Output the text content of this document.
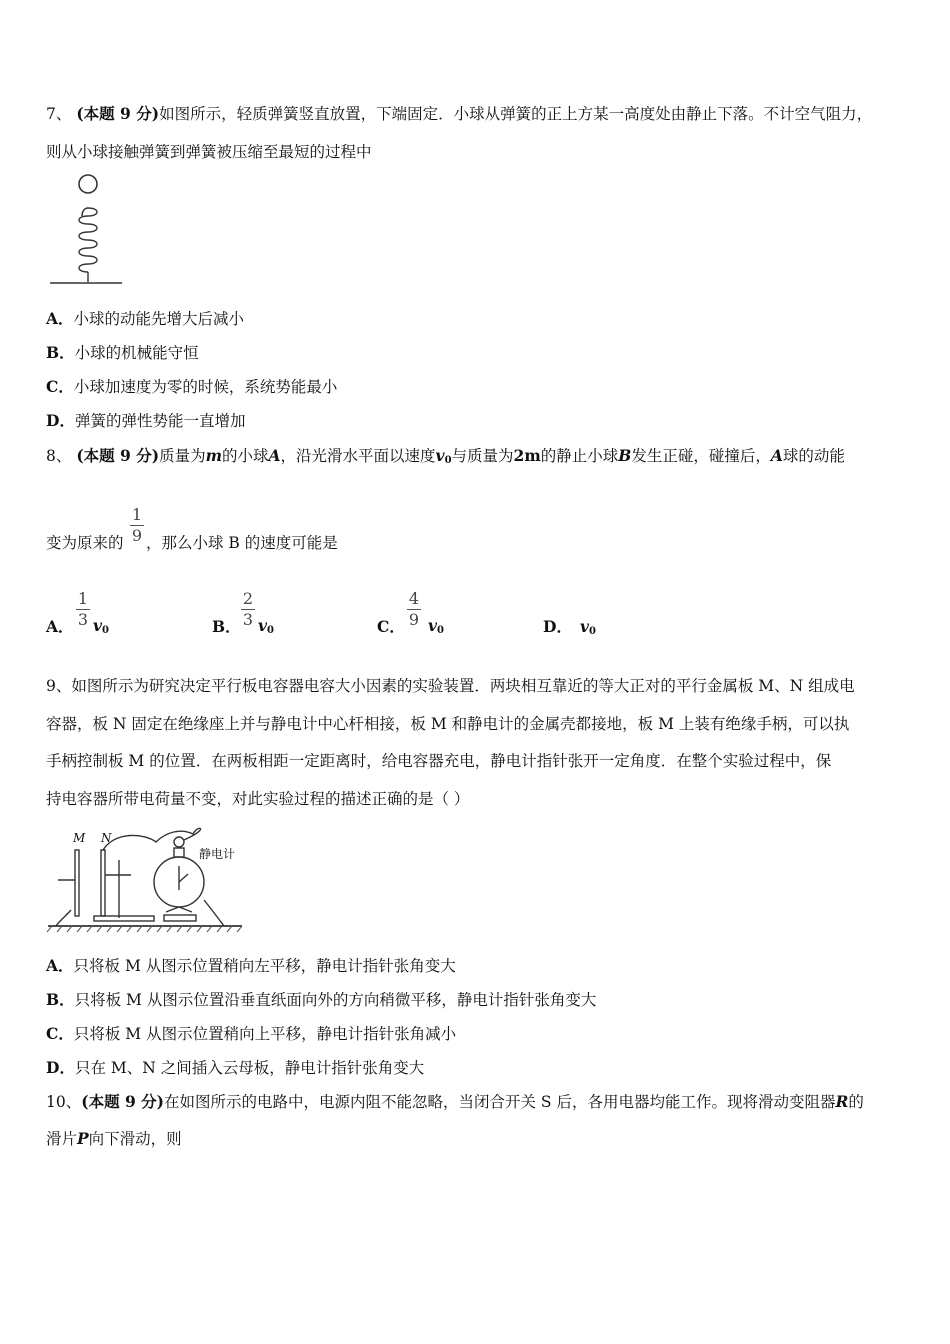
7、 (本题 9 分)如图所示，轻质弹簧竖直放置，下端固定．小球从弹簧的正上方某一高度处由静止下落。不计空气阻力，
则从小球接触弹簧到弹簧被压缩至最短的过程中
A．小球的动能先增大后减小
B．小球的机械能守恒
C．小球加速度为零的时候，系统势能最小
D．弹簧的弹性势能一直增加
8、 (本题 9 分)质量为m的小球A，沿光滑水平面以速度$v_0$与质量为2m的静止小球B发生正碰，碰撞后，A球的动能
变为原来的
1
9 ，那么小球 B 的速度可能是
A．
1
3 $v_0$	B．
2
3 $v_0$	C．
4
9 $v_0$	D． $v_0$
9、如图所示为研究决定平行板电容器电容大小因素的实验装置．两块相互靠近的等大正对的平行金属板 M、N 组成电
容器，板 N 固定在绝缘座上并与静电计中心杆相接，板 M 和静电计的金属壳都接地，板 M 上装有绝缘手柄，可以执
手柄控制板 M 的位置．在两板相距一定距离时，给电容器充电，静电计指针张开一定角度．在整个实验过程中，保
持电容器所带电荷量不变，对此实验过程的描述正确的是（ ）
M N
静电计
A．只将板 M 从图示位置稍向左平移，静电计指针张角变大
B．只将板 M 从图示位置沿垂直纸面向外的方向稍微平移，静电计指针张角变大
C．只将板 M 从图示位置稍向上平移，静电计指针张角减小
D．只在 M、N 之间插入云母板，静电计指针张角变大
10、(本题 9 分)在如图所示的电路中，电源内阻不能忽略，当闭合开关 S 后，各用电器均能工作。现将滑动变阻器R的
滑片P向下滑动，则
